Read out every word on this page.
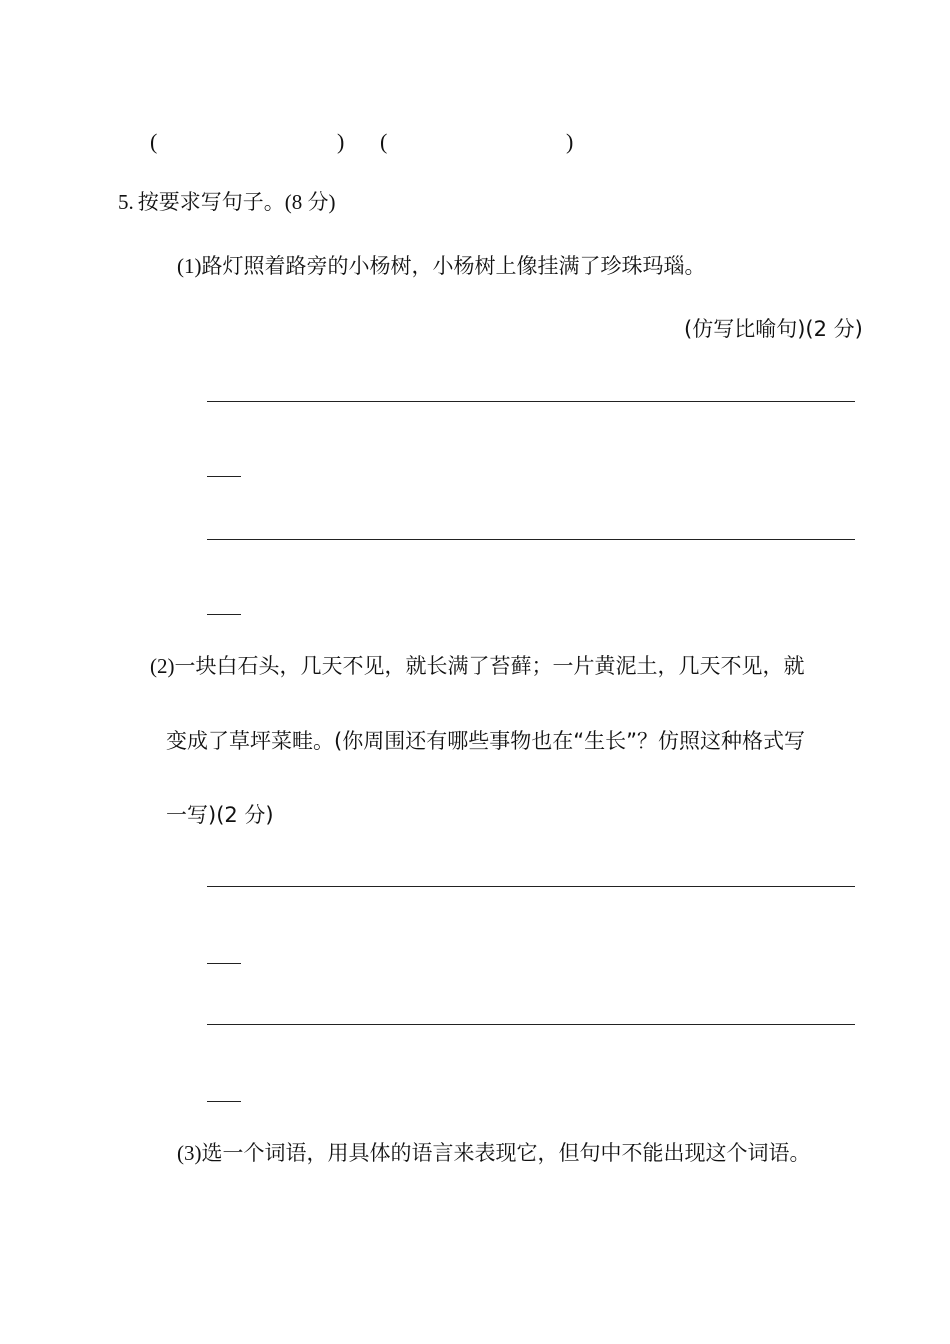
(	) (	)
5. 按要求写句子。(8 分)
(1)路灯照着路旁的小杨树，小杨树上像挂满了珍珠玛瑙。
(仿写比喻句)(2 分)
(2)一块白石头，几天不见，就长满了苔藓；一片黄泥土，几天不见，就
变成了草坪菜畦。(你周围还有哪些事物也在“生长”？仿照这种格式写
一写)(2 分)
(3)选一个词语，用具体的语言来表现它，但句中不能出现这个词语。
